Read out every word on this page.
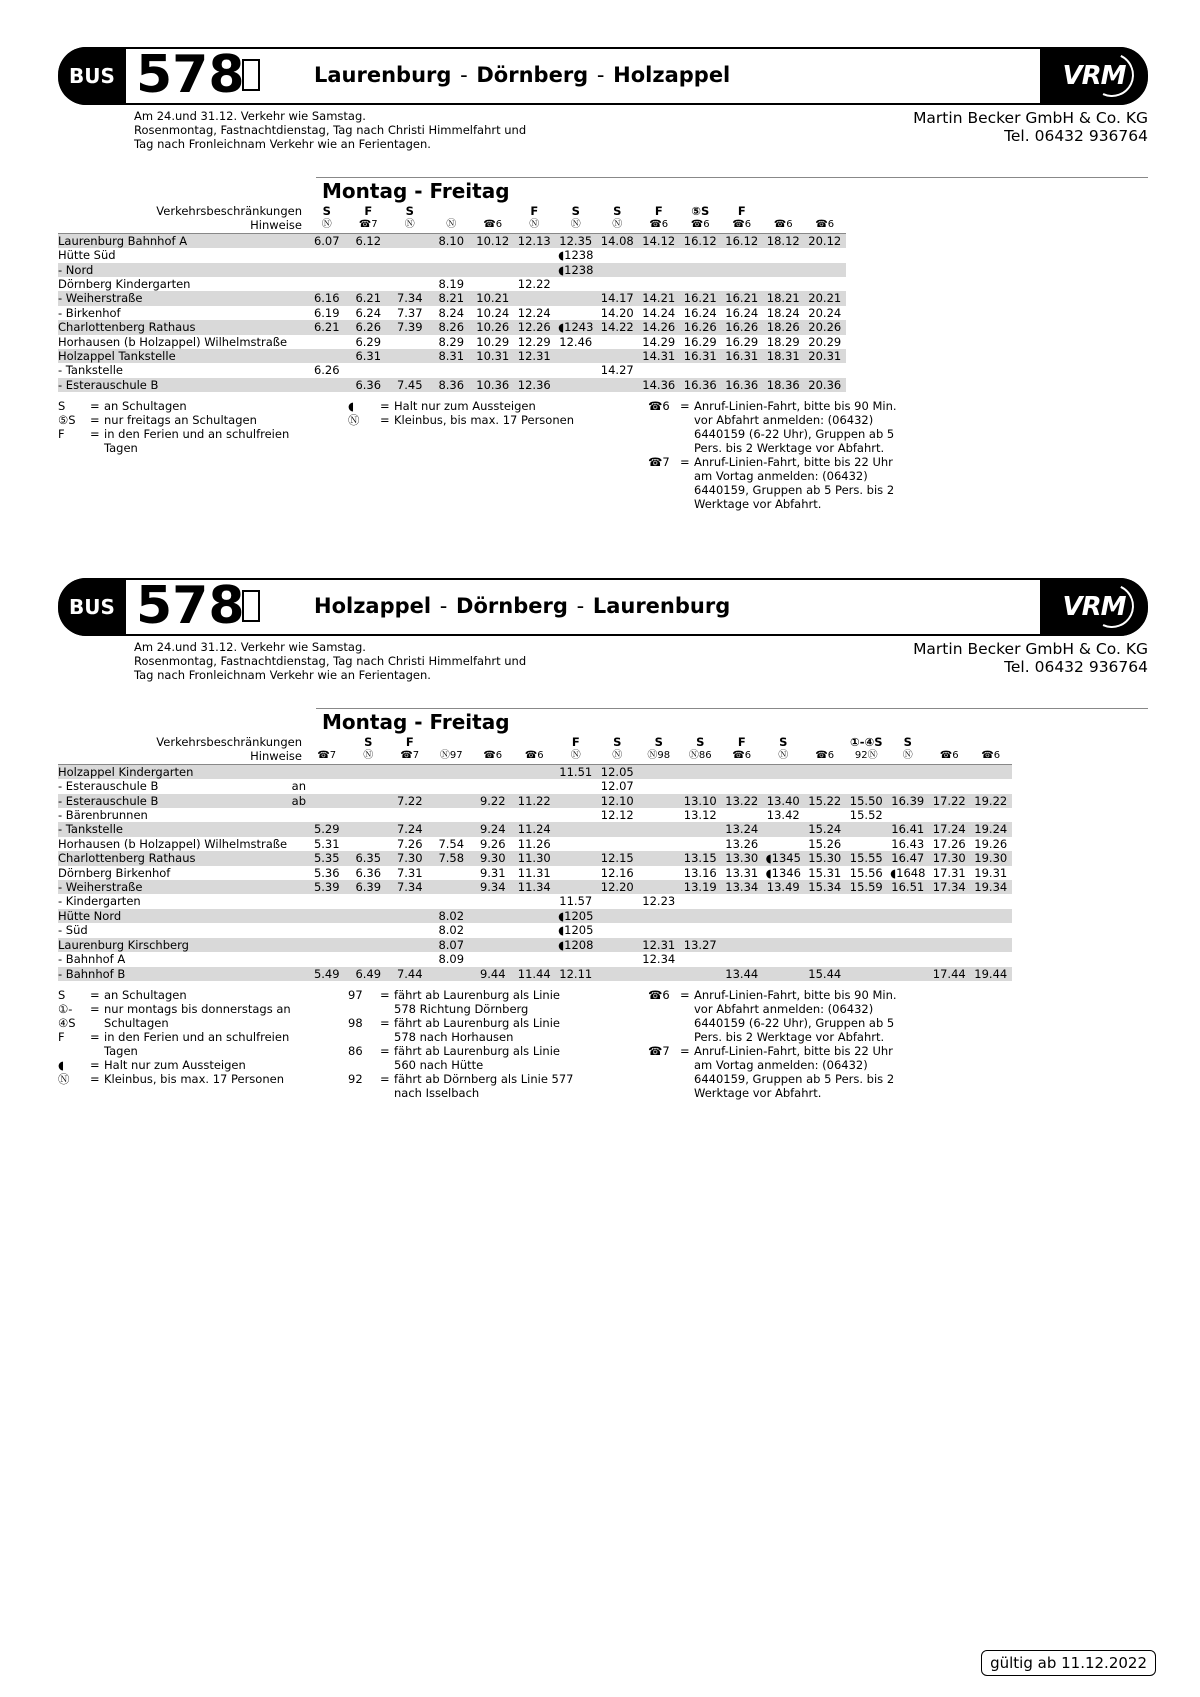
BUS 578	Laurenburg - Dörnberg - Holzappel	VRM
Am 24.und 31.12. Verkehr wie Samstag.
Rosenmontag, Fastnachtdienstag, Tag nach Christi Himmelfahrt und
Tag nach Fronleichnam Verkehr wie an Ferientagen.
Martin Becker GmbH & Co. KG
Tel. 06432 936764
Montag - Freitag
Verkehrsbeschränkungen		S	F	S			F	S	S	F	⑤S	F		
Hinweise		Ⓝ	☎7	Ⓝ	Ⓝ	☎6	Ⓝ	Ⓝ	Ⓝ	☎6	☎6	☎6	☎6	☎6
Laurenburg Bahnhof A		6.07	6.12		8.10	10.12	12.13	12.35	14.08	14.12	16.12	16.12	18.12	20.12
Hütte Süd								◖1238						
- Nord								◖1238						
Dörnberg Kindergarten					8.19		12.22							
- Weiherstraße		6.16	6.21	7.34	8.21	10.21			14.17	14.21	16.21	16.21	18.21	20.21
- Birkenhof		6.19	6.24	7.37	8.24	10.24	12.24		14.20	14.24	16.24	16.24	18.24	20.24
Charlottenberg Rathaus		6.21	6.26	7.39	8.26	10.26	12.26	◖1243	14.22	14.26	16.26	16.26	18.26	20.26
Horhausen (b Holzappel) Wilhelmstraße			6.29		8.29	10.29	12.29	12.46		14.29	16.29	16.29	18.29	20.29
Holzappel Tankstelle			6.31		8.31	10.31	12.31			14.31	16.31	16.31	18.31	20.31
- Tankstelle		6.26							14.27					
- Esterauschule B			6.36	7.45	8.36	10.36	12.36			14.36	16.36	16.36	18.36	20.36
S	= an Schultagen
⑤S	= nur freitags an Schultagen
F	= in den Ferien und an schulfreien Tagen
◖	= Halt nur zum Aussteigen
Ⓝ	= Kleinbus, bis max. 17 Personen
☎6 = Anruf-Linien-Fahrt, bitte bis 90 Min. vor Abfahrt anmelden: (06432) 6440159 (6-22 Uhr), Gruppen ab 5 Pers. bis 2 Werktage vor Abfahrt.
☎7 = Anruf-Linien-Fahrt, bitte bis 22 Uhr am Vortag anmelden: (06432) 6440159, Gruppen ab 5 Pers. bis 2 Werktage vor Abfahrt.
BUS 578	Holzappel - Dörnberg - Laurenburg	VRM
Am 24.und 31.12. Verkehr wie Samstag.
Rosenmontag, Fastnachtdienstag, Tag nach Christi Himmelfahrt und
Tag nach Fronleichnam Verkehr wie an Ferientagen.
Martin Becker GmbH & Co. KG
Tel. 06432 936764
Montag - Freitag
Verkehrsbeschränkungen			S	F				F	S	S	S	F	S		①-④S	S		
Hinweise		☎7	Ⓝ	☎7	Ⓝ97	☎6	☎6	Ⓝ	Ⓝ	Ⓝ98	Ⓝ86	☎6	Ⓝ	☎6	92Ⓝ	Ⓝ	☎6	☎6
Holzappel Kindergarten								11.51	12.05									
- Esterauschule B	an								12.07									
- Esterauschule B	ab			7.22		9.22	11.22		12.10		13.10	13.22	13.40	15.22	15.50	16.39	17.22	19.22
- Bärenbrunnen									12.12		13.12		13.42		15.52			
- Tankstelle		5.29		7.24		9.24	11.24					13.24		15.24		16.41	17.24	19.24
Horhausen (b Holzappel) Wilhelmstraße		5.31		7.26	7.54	9.26	11.26					13.26		15.26		16.43	17.26	19.26
Charlottenberg Rathaus		5.35	6.35	7.30	7.58	9.30	11.30		12.15		13.15	13.30	◖1345	15.30	15.55	16.47	17.30	19.30
Dörnberg Birkenhof		5.36	6.36	7.31		9.31	11.31		12.16		13.16	13.31	◖1346	15.31	15.56	◖1648	17.31	19.31
- Weiherstraße		5.39	6.39	7.34		9.34	11.34		12.20		13.19	13.34	13.49	15.34	15.59	16.51	17.34	19.34
- Kindergarten								11.57		12.23								
Hütte Nord					8.02			◖1205										
- Süd					8.02			◖1205										
Laurenburg Kirschberg					8.07			◖1208		12.31	13.27							
- Bahnhof A					8.09					12.34								
- Bahnhof B		5.49	6.49	7.44		9.44	11.44	12.11				13.44		15.44			17.44	19.44
S	= an Schultagen
①-④S
= nur montags bis donnerstags an Schultagen
F	= in den Ferien und an schulfreien Tagen
◖	= Halt nur zum Aussteigen
Ⓝ	= Kleinbus, bis max. 17 Personen
97	= fährt ab Laurenburg als Linie 578 Richtung Dörnberg
98	= fährt ab Laurenburg als Linie 578 nach Horhausen
86	= fährt ab Laurenburg als Linie 560 nach Hütte
92	= fährt ab Dörnberg als Linie 577 nach Isselbach
☎6 = Anruf-Linien-Fahrt, bitte bis 90 Min. vor Abfahrt anmelden: (06432) 6440159 (6-22 Uhr), Gruppen ab 5 Pers. bis 2 Werktage vor Abfahrt.
☎7 = Anruf-Linien-Fahrt, bitte bis 22 Uhr am Vortag anmelden: (06432) 6440159, Gruppen ab 5 Pers. bis 2 Werktage vor Abfahrt.
gültig ab 11.12.2022
